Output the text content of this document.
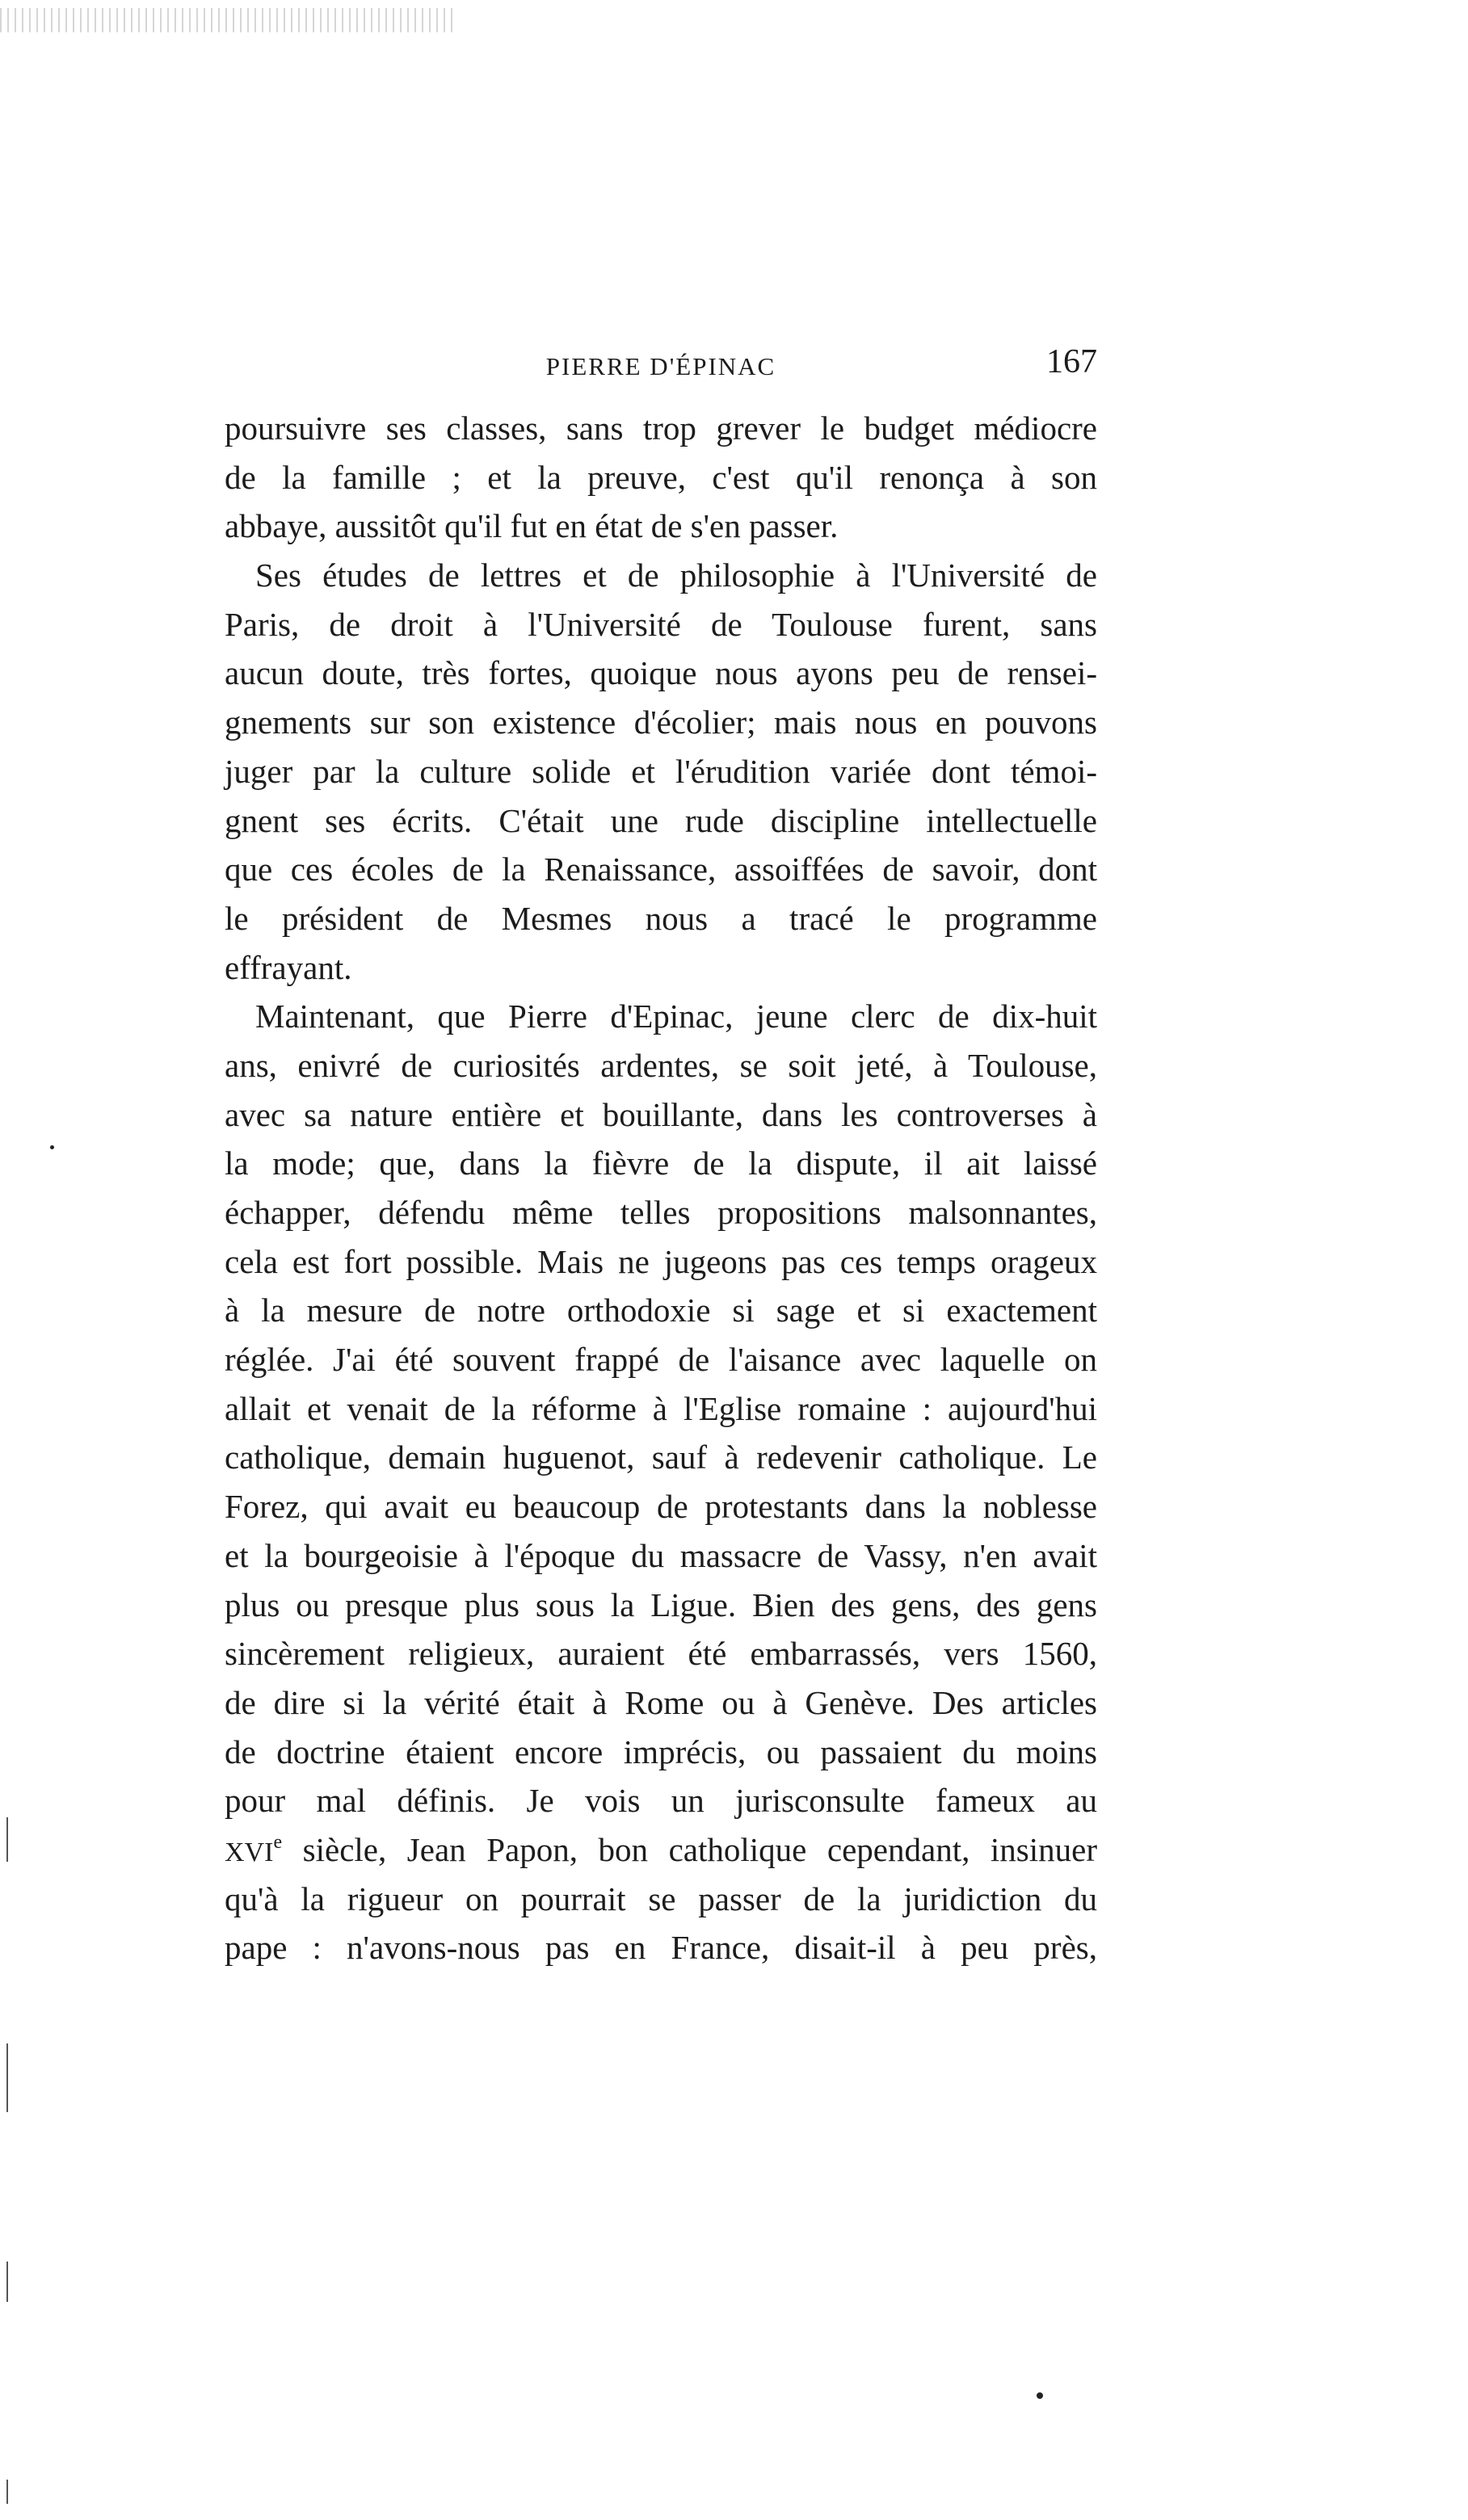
PIERRE D'ÉPINAC	167
poursuivre ses classes, sans trop grever le budget médiocre
de la famille ; et la preuve, c'est qu'il renonça à son
abbaye, aussitôt qu'il fut en état de s'en passer.
Ses études de lettres et de philosophie à l'Université de
Paris, de droit à l'Université de Toulouse furent, sans
aucun doute, très fortes, quoique nous ayons peu de rensei-
gnements sur son existence d'écolier; mais nous en pouvons
juger par la culture solide et l'érudition variée dont témoi-
gnent ses écrits. C'était une rude discipline intellectuelle
que ces écoles de la Renaissance, assoiffées de savoir, dont
le président de Mesmes nous a tracé le programme
effrayant.
Maintenant, que Pierre d'Epinac, jeune clerc de dix-huit
ans, enivré de curiosités ardentes, se soit jeté, à Toulouse,
avec sa nature entière et bouillante, dans les controverses à
la mode; que, dans la fièvre de la dispute, il ait laissé
échapper, défendu même telles propositions malsonnantes,
cela est fort possible. Mais ne jugeons pas ces temps orageux
à la mesure de notre orthodoxie si sage et si exactement
réglée. J'ai été souvent frappé de l'aisance avec laquelle on
allait et venait de la réforme à l'Eglise romaine : aujourd'hui
catholique, demain huguenot, sauf à redevenir catholique. Le
Forez, qui avait eu beaucoup de protestants dans la noblesse
et la bourgeoisie à l'époque du massacre de Vassy, n'en avait
plus ou presque plus sous la Ligue. Bien des gens, des gens
sincèrement religieux, auraient été embarrassés, vers 1560,
de dire si la vérité était à Rome ou à Genève. Des articles
de doctrine étaient encore imprécis, ou passaient du moins
pour mal définis. Je vois un jurisconsulte fameux au
XVIe siècle, Jean Papon, bon catholique cependant, insinuer
qu'à la rigueur on pourrait se passer de la juridiction du
pape : n'avons-nous pas en France, disait-il à peu près,
